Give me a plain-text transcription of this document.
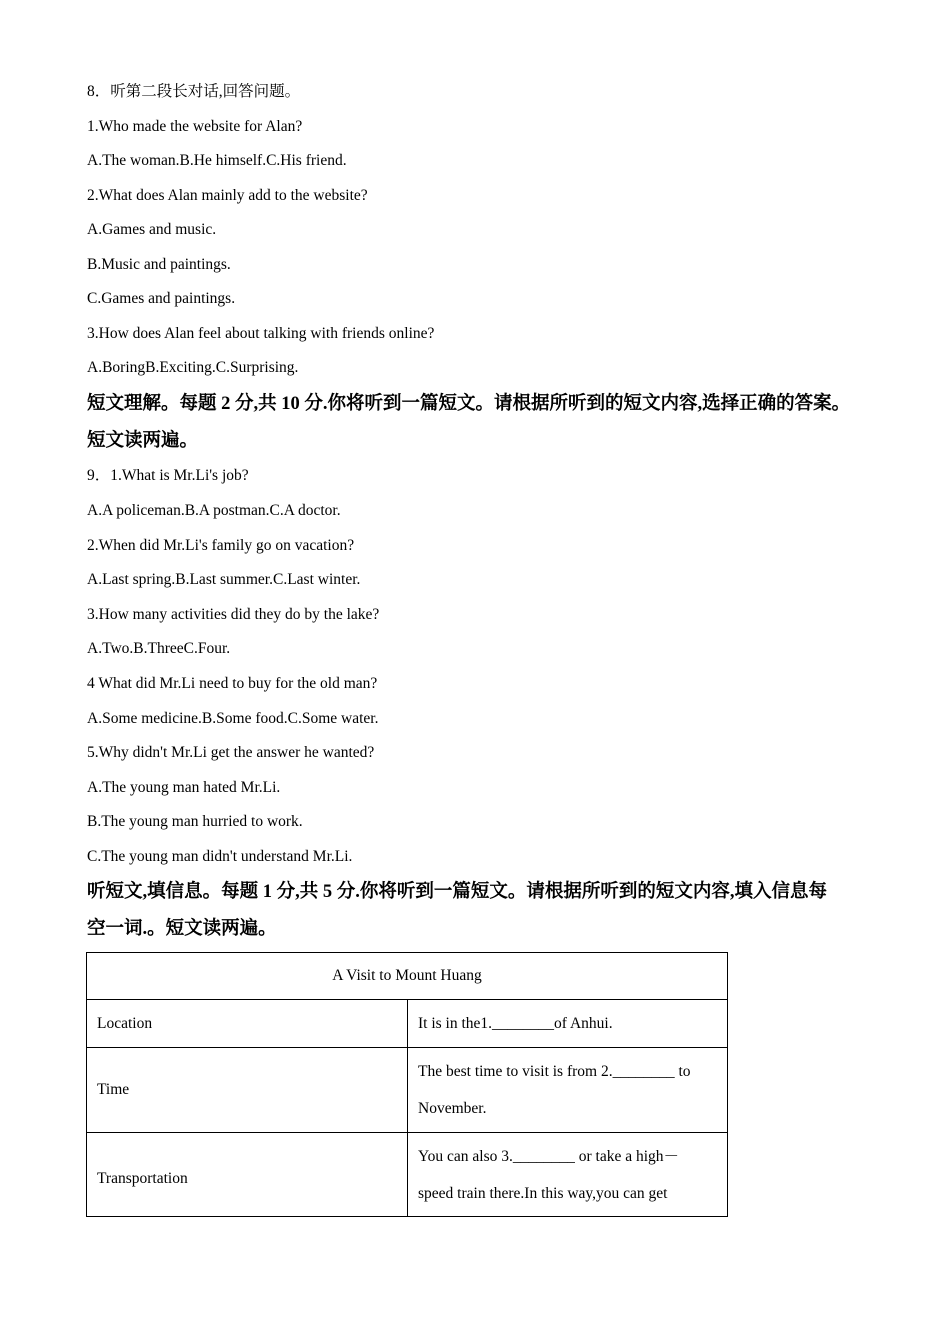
8．听第二段长对话,回答问题。
1.Who made the website for Alan?
A.The woman.B.He himself.C.His friend.
2.What does Alan mainly add to the website?
A.Games and music.
B.Music and paintings.
C.Games and paintings.
3.How does Alan feel about talking with friends online?
A.BoringB.Exciting.C.Surprising.
短文理解。每题 2 分,共 10 分.你将听到一篇短文。请根据所听到的短文内容,选择正确的答案。
短文读两遍。
9．1.What is Mr.Li's job?
A.A policeman.B.A postman.C.A doctor.
2.When did Mr.Li's family go on vacation?
A.Last spring.B.Last summer.C.Last winter.
3.How many activities did they do by the lake?
A.Two.B.ThreeC.Four.
4 What did Mr.Li need to buy for the old man?
A.Some medicine.B.Some food.C.Some water.
5.Why didn't Mr.Li get the answer he wanted?
A.The young man hated Mr.Li.
B.The young man hurried to work.
C.The young man didn't understand Mr.Li.
听短文,填信息。每题 1 分,共 5 分.你将听到一篇短文。请根据所听到的短文内容,填入信息每
空一词.。短文读两遍。
A Visit to Mount Huang	
Location	It is in the1.________of Anhui.
Time	The best time to visit is from 2.________ to
November.

Transportation	You can also 3.________ or take a high－
speed train there.In this way,you can get
